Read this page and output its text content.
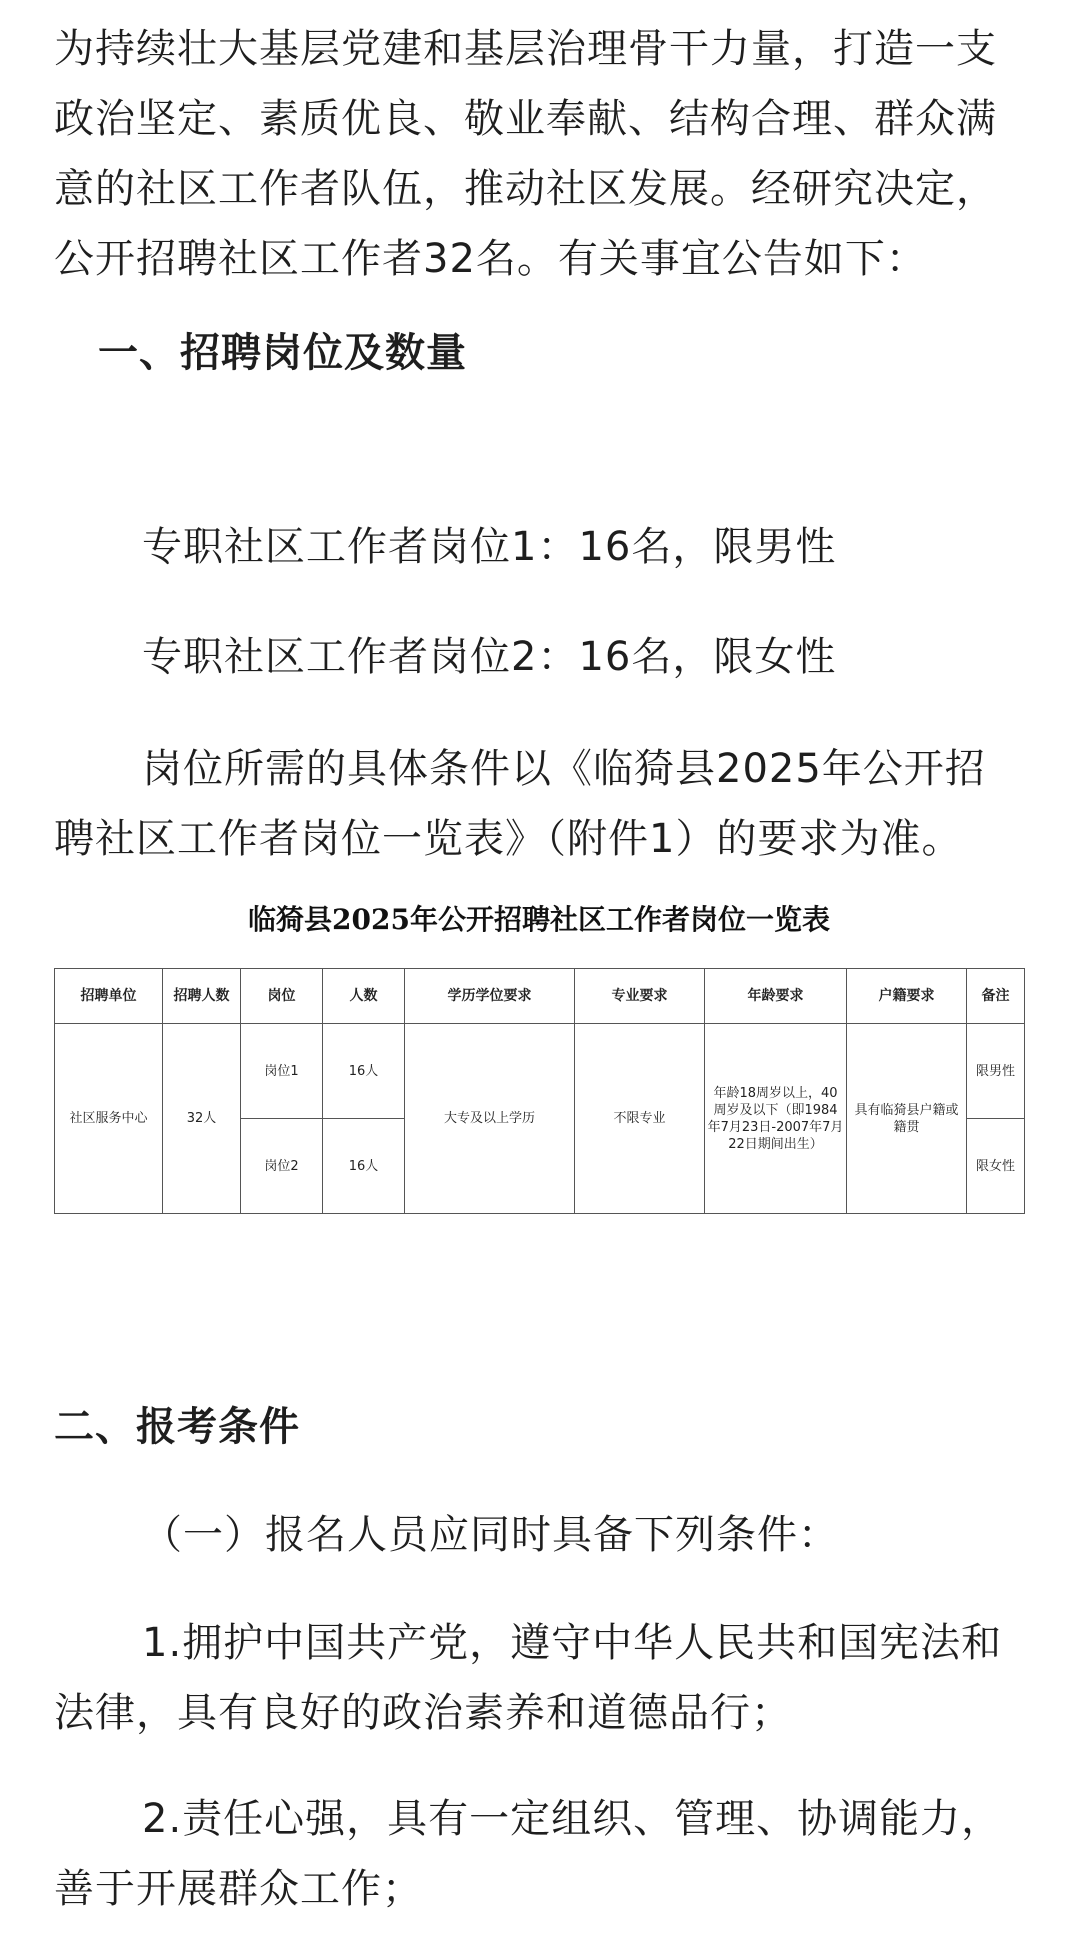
为持续壮大基层党建和基层治理骨干力量，打造一支政治坚定、素质优良、敬业奉献、结构合理、群众满意的社区工作者队伍，推动社区发展。经研究决定，公开招聘社区工作者32名。有关事宜公告如下：

一、招聘岗位及数量

专职社区工作者岗位1：16名，限男性

专职社区工作者岗位2：16名，限女性

岗位所需的具体条件以《临猗县2025年公开招聘社区工作者岗位一览表》（附件1）的要求为准。

临猗县2025年公开招聘社区工作者岗位一览表
招聘单位	招聘人数	岗位	人数	学历学位要求	专业要求	年龄要求	户籍要求	备注
社区服务中心	32人	岗位1	16人	大专及以上学历	不限专业	年龄18周岁以上，40周岁及以下（即1984年7月23日-2007年7月22日期间出生）	具有临猗县户籍或籍贯	限男性
		岗位2	16人					限女性

二、报考条件

（一）报名人员应同时具备下列条件：

1.拥护中国共产党，遵守中华人民共和国宪法和法律，具有良好的政治素养和道德品行；

2.责任心强，具有一定组织、管理、协调能力，善于开展群众工作；
